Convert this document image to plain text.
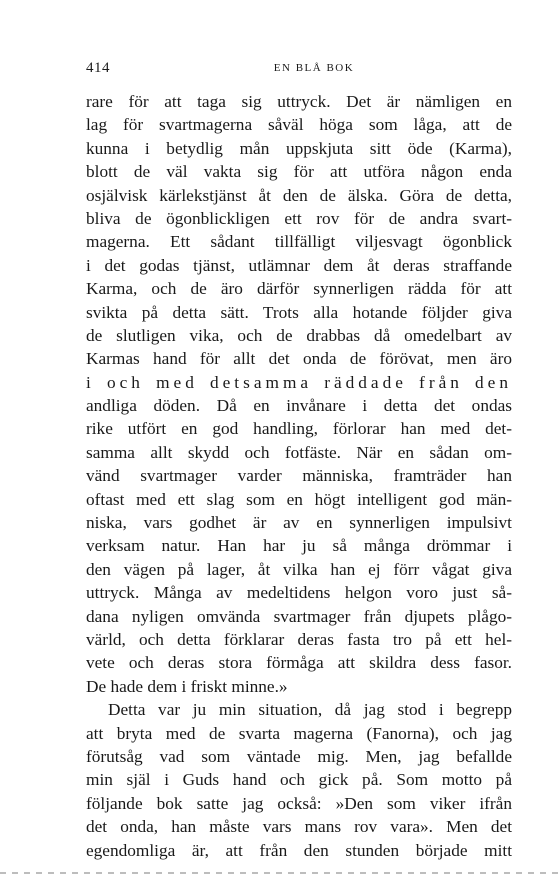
414	EN BLÅ BOK
rare för att taga sig uttryck. Det är nämligen en
lag för svartmagerna såväl höga som låga, att de
kunna i betydlig mån uppskjuta sitt öde (Karma),
blott de väl vakta sig för att utföra någon enda
osjälvisk kärlekstjänst åt den de älska. Göra de detta,
bliva de ögonblickligen ett rov för de andra svart-
magerna. Ett sådant tillfälligt viljesvagt ögonblick
i det godas tjänst, utlämnar dem åt deras straffande
Karma, och de äro därför synnerligen rädda för att
svikta på detta sätt. Trots alla hotande följder giva
de slutligen vika, och de drabbas då omedelbart av
Karmas hand för allt det onda de förövat, men äro
i och med detsamma räddade från den
andliga döden. Då en invånare i detta det ondas
rike utfört en god handling, förlorar han med det-
samma allt skydd och fotfäste. När en sådan om-
vänd svartmager varder människa, framträder han
oftast med ett slag som en högt intelligent god män-
niska, vars godhet är av en synnerligen impulsivt
verksam natur. Han har ju så många drömmar i
den vägen på lager, åt vilka han ej förr vågat giva
uttryck. Många av medeltidens helgon voro just så-
dana nyligen omvända svartmager från djupets plågo-
värld, och detta förklarar deras fasta tro på ett hel-
vete och deras stora förmåga att skildra dess fasor.
De hade dem i friskt minne.»
Detta var ju min situation, då jag stod i begrepp
att bryta med de svarta magerna (Fanorna), och jag
förutsåg vad som väntade mig. Men, jag befallde
min själ i Guds hand och gick på. Som motto på
följande bok satte jag också: »Den som viker ifrån
det onda, han måste vars mans rov vara». Men det
egendomliga är, att från den stunden började mitt
